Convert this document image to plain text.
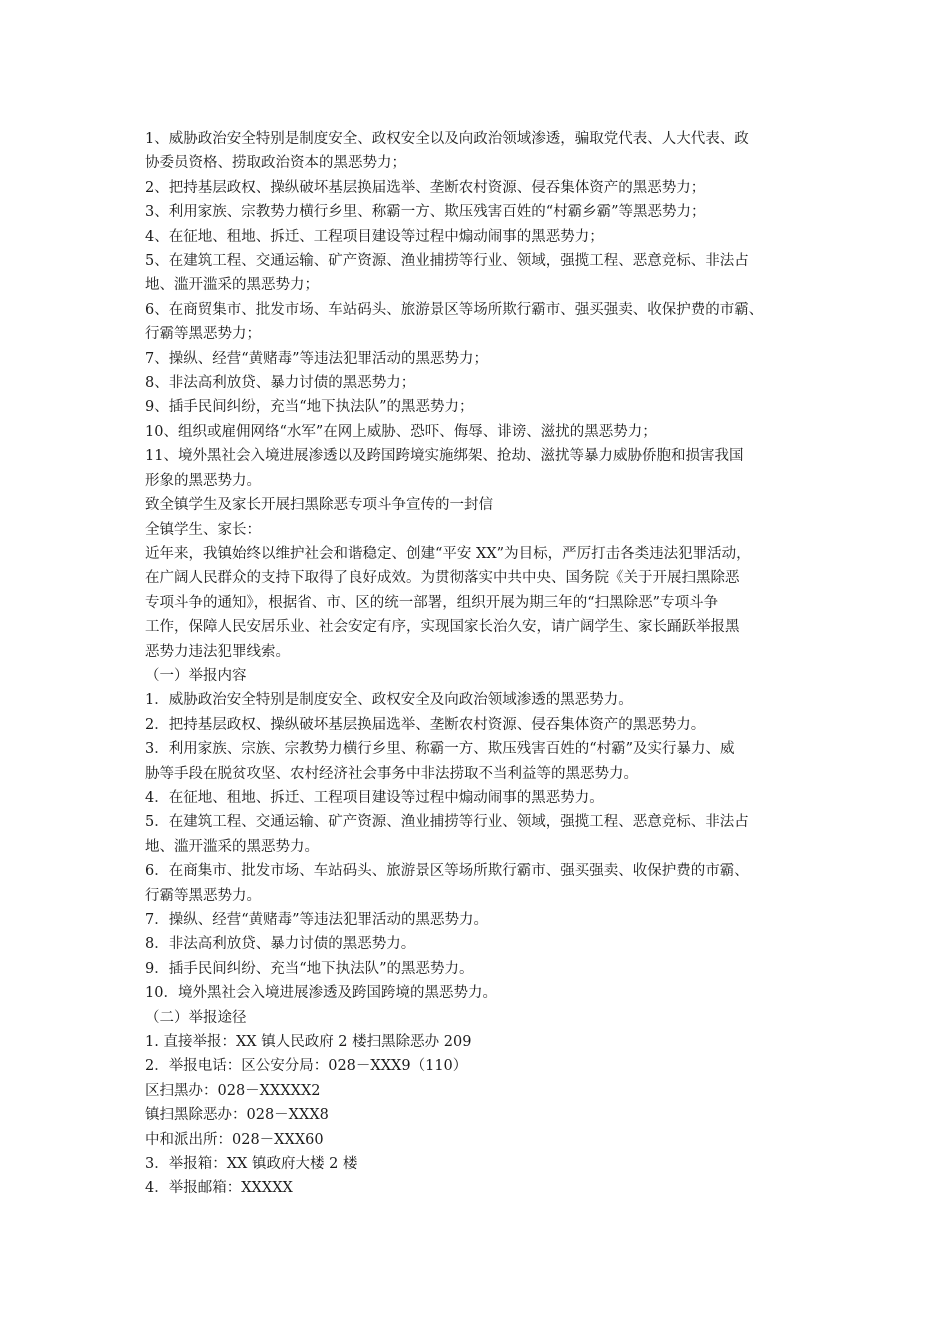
1、威胁政治安全特别是制度安全、政权安全以及向政治领域渗透，骗取党代表、人大代表、政

协委员资格、捞取政治资本的黑恶势力；

2、把持基层政权、操纵破坏基层换届选举、垄断农村资源、侵吞集体资产的黑恶势力；

3、利用家族、宗教势力横行乡里、称霸一方、欺压残害百姓的“村霸乡霸”等黑恶势力；

4、在征地、租地、拆迁、工程项目建设等过程中煽动闹事的黑恶势力；

5、在建筑工程、交通运输、矿产资源、渔业捕捞等行业、领域，强揽工程、恶意竞标、非法占

地、滥开滥采的黑恶势力；

6、在商贸集市、批发市场、车站码头、旅游景区等场所欺行霸市、强买强卖、收保护费的市霸、

行霸等黑恶势力；

7、操纵、经营“黄赌毒”等违法犯罪活动的黑恶势力；

8、非法高利放贷、暴力讨债的黑恶势力；

9、插手民间纠纷，充当“地下执法队”的黑恶势力；

10、组织或雇佣网络“水军”在网上威胁、恐吓、侮辱、诽谤、滋扰的黑恶势力；

11、境外黑社会入境进展渗透以及跨国跨境实施绑架、抢劫、滋扰等暴力威胁侨胞和损害我国

形象的黑恶势力。

致全镇学生及家长开展扫黑除恶专项斗争宣传的一封信

全镇学生、家长：

近年来，我镇始终以维护社会和谐稳定、创建“平安 XX”为目标，严厉打击各类违法犯罪活动，

在广阔人民群众的支持下取得了良好成效。为贯彻落实中共中央、国务院《关于开展扫黑除恶

专项斗争的通知》，根据省、市、区的统一部署，组织开展为期三年的“扫黑除恶”专项斗争

工作，保障人民安居乐业、社会安定有序，实现国家长治久安，请广阔学生、家长踊跃举报黑

恶势力违法犯罪线索。

（一）举报内容

1．威胁政治安全特别是制度安全、政权安全及向政治领域渗透的黑恶势力。

2．把持基层政权、操纵破坏基层换届选举、垄断农村资源、侵吞集体资产的黑恶势力。

3．利用家族、宗族、宗教势力横行乡里、称霸一方、欺压残害百姓的“村霸”及实行暴力、威

胁等手段在脱贫攻坚、农村经济社会事务中非法捞取不当利益等的黑恶势力。

4．在征地、租地、拆迁、工程项目建设等过程中煽动闹事的黑恶势力。

5．在建筑工程、交通运输、矿产资源、渔业捕捞等行业、领域，强揽工程、恶意竞标、非法占

地、滥开滥采的黑恶势力。

6．在商集市、批发市场、车站码头、旅游景区等场所欺行霸市、强买强卖、收保护费的市霸、

行霸等黑恶势力。

7．操纵、经营“黄赌毒”等违法犯罪活动的黑恶势力。

8．非法高利放贷、暴力讨债的黑恶势力。

9．插手民间纠纷、充当“地下执法队”的黑恶势力。

10．境外黑社会入境进展渗透及跨国跨境的黑恶势力。

（二）举报途径

1. 直接举报：XX 镇人民政府 2 楼扫黑除恶办 209

2．举报电话：区公安分局：028－XXX9（110）

区扫黑办：028－XXXXX2

镇扫黑除恶办：028－XXX8

中和派出所：028－XXX60

3．举报箱：XX 镇政府大楼 2 楼

4．举报邮箱：XXXXX
